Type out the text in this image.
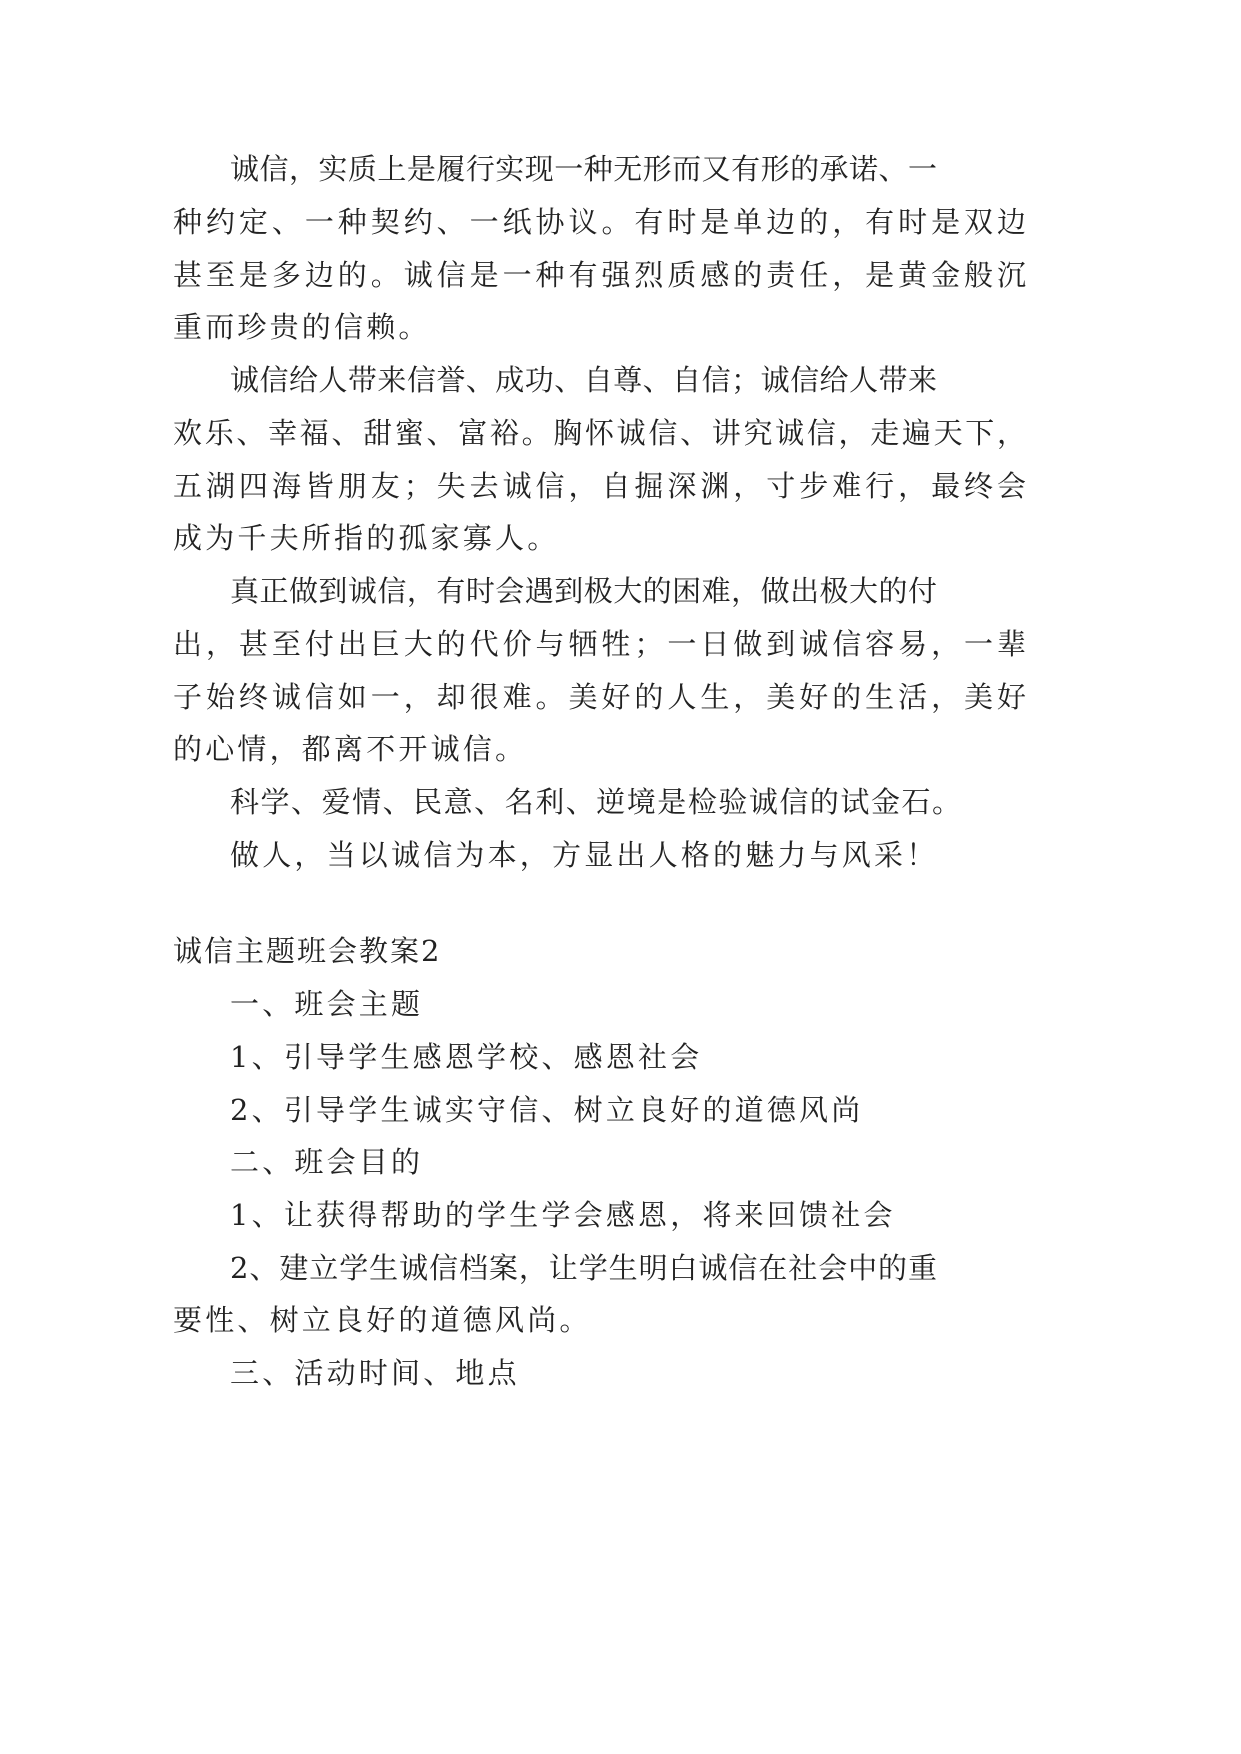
诚信，实质上是履行实现一种无形而又有形的承诺、一

种约定、一种契约、一纸协议。有时是单边的，有时是双边

甚至是多边的。诚信是一种有强烈质感的责任，是黄金般沉

重而珍贵的信赖。

诚信给人带来信誉、成功、自尊、自信；诚信给人带来

欢乐、幸福、甜蜜、富裕。胸怀诚信、讲究诚信，走遍天下，

五湖四海皆朋友；失去诚信，自掘深渊，寸步难行，最终会

成为千夫所指的孤家寡人。

真正做到诚信，有时会遇到极大的困难，做出极大的付

出，甚至付出巨大的代价与牺牲；一日做到诚信容易，一辈

子始终诚信如一，却很难。美好的人生，美好的生活，美好

的心情，都离不开诚信。

科学、爱情、民意、名利、逆境是检验诚信的试金石。

做人，当以诚信为本，方显出人格的魅力与风采！

诚信主题班会教案2

一、班会主题

1、引导学生感恩学校、感恩社会

2、引导学生诚实守信、树立良好的道德风尚

二、班会目的

1、让获得帮助的学生学会感恩，将来回馈社会

2、建立学生诚信档案，让学生明白诚信在社会中的重

要性、树立良好的道德风尚。

三、活动时间、地点
